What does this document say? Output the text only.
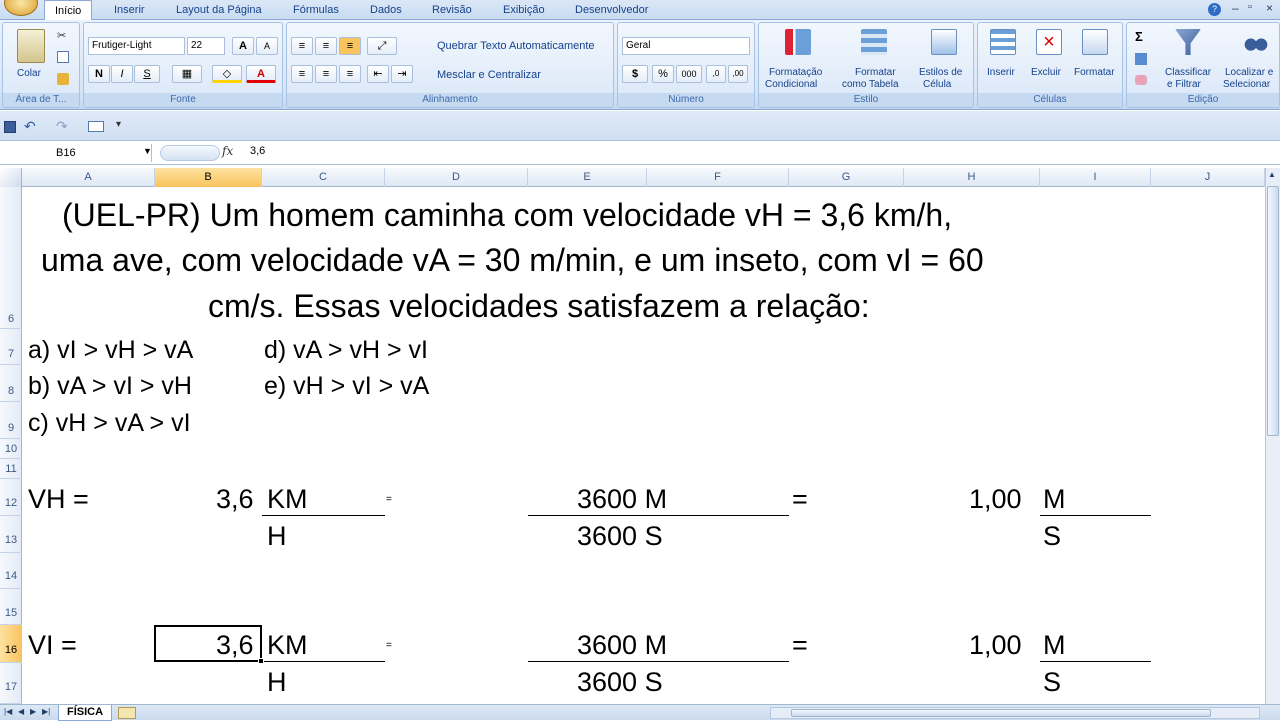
Início	Inserir	Layout da Página	Fórmulas	Dados	Revisão	Exibição	Desenvolvedor	?	– ▫ ×
Colar
✂
Área de T...
Frutiger-Light	22	A	A
N	I	S	▦	◇	A
Fonte
≡	≡	≡	⤢	Quebrar Texto Automaticamente
≡	≡	≡	⇤	⇥	Mesclar e Centralizar
Alinhamento
Geral
$	%	000	,0	,00
Número
Formatação
Condicional
Formatar
como Tabela
Estilos de
Célula
Estilo
Inserir
×
Excluir Formatar
Células
Σ
Classificar
e Filtrar
Localizar e
Selecionar
Edição
↶ ↷	▾
B16	▼	fx 3,6
A	B	C	D	E	F	G	H	I	J
6
7
8
9
10
11
12
13
14
15
16
17
(UEL-PR) Um homem caminha com velocidade vH = 3,6 km/h,
uma ave, com velocidade vA = 30 m/min, e um inseto, com vI = 60
cm/s. Essas velocidades satisfazem a relação:
a) vI > vH > vA	d) vA > vH > vI
b) vA > vI > vH	e) vH > vI > vA
c) vH > vA > vI
VH =	3,6 KM	=	3600 M	=	1,00 M
H	3600 S	S
VI =	3,6 KM	=	3600 M	=	1,00 M
H	3600 S	S
▲
|◀ ◀ ▶ ▶|	FÍSICA
